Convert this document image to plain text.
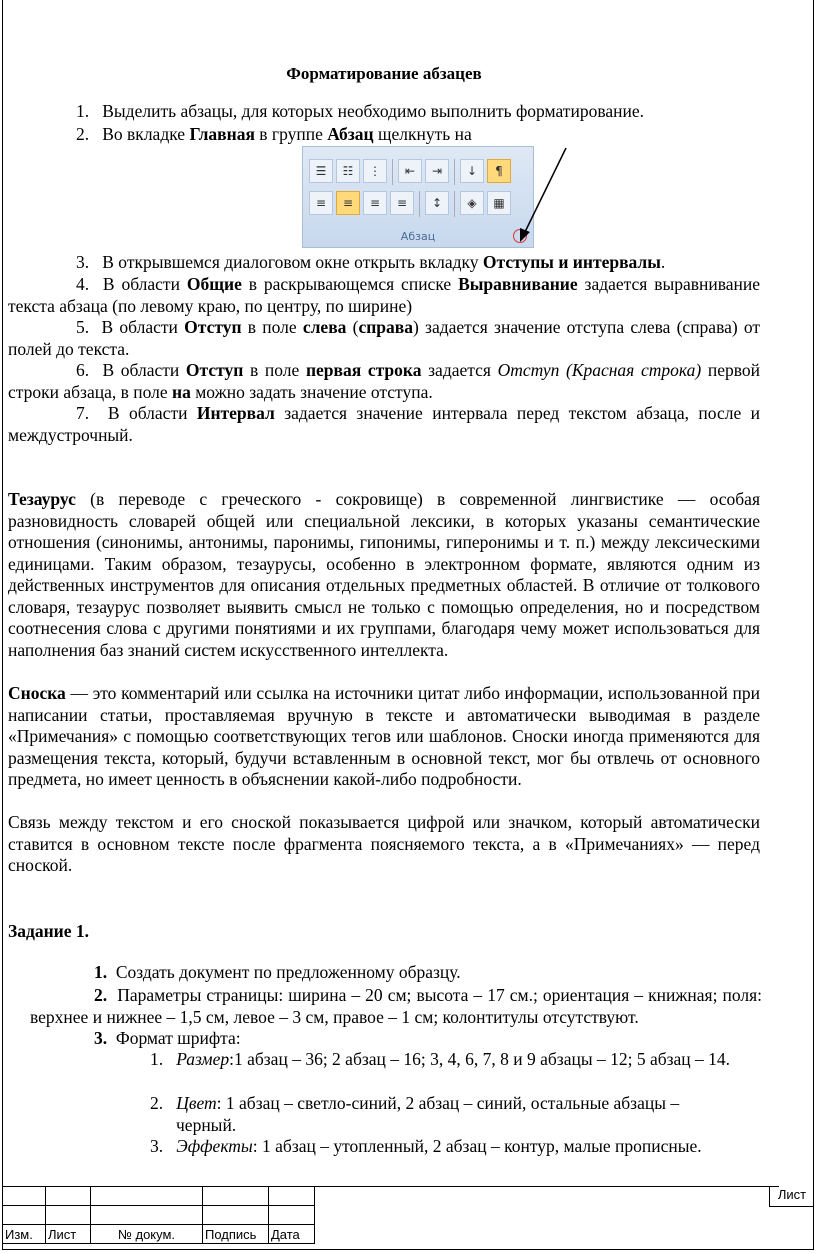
Форматирование абзацев
1.   Выделить абзацы, для которых необходимо выполнить форматирование.
2.   Во вкладке Главная в группе Абзац щелкнуть на
3.   В открывшемся диалоговом окне открыть вкладку Отступы и интервалы.
4. В области Общие в раскрывающемся списке Выравнивание задается выравнивание текста абзаца (по левому краю, по центру, по ширине)
5. В области Отступ в поле слева (справа) задается значение отступа слева (справа) от полей до текста.
6. В области Отступ в поле первая строка задается Отступ (Красная строка) первой строки абзаца, в поле на можно задать значение отступа.
7. В области Интервал задается значение интервала перед текстом абзаца, после и междустрочный.
Тезаурус (в переводе с греческого - сокровище) в современной лингвистике — особая разновидность словарей общей или специальной лексики, в которых указаны семантические отношения (синонимы, антонимы, паронимы, гипонимы, гиперонимы и т. п.) между лексическими единицами. Таким образом, тезаурусы, особенно в электронном формате, являются одним из действенных инструментов для описания отдельных предметных областей. В отличие от толкового словаря, тезаурус позволяет выявить смысл не только с помощью определения, но и посредством соотнесения слова с другими понятиями и их группами, благодаря чему может использоваться для наполнения баз знаний систем искусственного интеллекта.
Сноска — это комментарий или ссылка на источники цитат либо информации, использованной при написании статьи, проставляемая вручную в тексте и автоматически выводимая в разделе «Примечания» с помощью соответствующих тегов или шаблонов. Сноски иногда применяются для размещения текста, который, будучи вставленным в основной текст, мог бы отвлечь от основного предмета, но имеет ценность в объяснении какой-либо подробности.
Связь между текстом и его сноской показывается цифрой или значком, который автоматически ставится в основном тексте после фрагмента поясняемого текста, а в «Примечаниях» — перед сноской.
Задание 1.
1. Создать документ по предложенному образцу.
2. Параметры страницы: ширина – 20 см; высота – 17 см.; ориентация – книжная; поля: верхнее и нижнее – 1,5 см, левое – 3 см, правое – 1 см; колонтитулы отсутствуют.
3. Формат шрифта:
1.   Размер:1 абзац – 36; 2 абзац – 16; 3, 4, 6, 7, 8 и 9 абзацы – 12; 5 абзац – 14.
2.   Цвет: 1 абзац – светло-синий, 2 абзац – синий, остальные абзацы – черный.
3.   Эффекты: 1 абзац – утопленный, 2 абзац – контур, малые прописные.
☰	☷	⋮	⇤	⇥	↓	¶
≡	≡	≡	≡	↕	◈	▦
Абзац

Изм.	Лист	№ докум.	Подпись	Дата	
Лист
